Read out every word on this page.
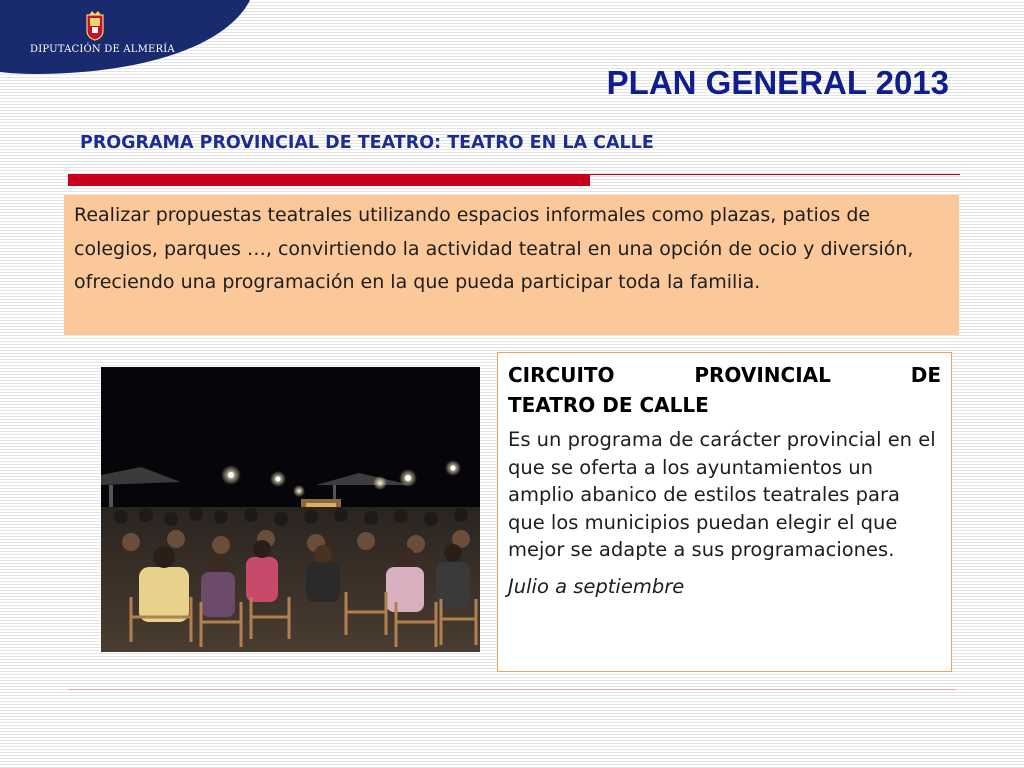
DIPUTACIÓN DE ALMERÍA
PLAN GENERAL 2013
PROGRAMA PROVINCIAL DE TEATRO: TEATRO EN LA CALLE

Realizar propuestas teatrales utilizando espacios informales como plazas, patios de colegios, parques …, convirtiendo la actividad teatral en una opción de ocio y diversión, ofreciendo una programación en la que pueda participar toda la familia.

CIRCUITO PROVINCIAL DE
TEATRO DE CALLE

Es un programa de carácter provincial en el que se oferta a los ayuntamientos un amplio abanico de estilos teatrales para que los municipios puedan elegir el que mejor se adapte a sus programaciones.

Julio a septiembre
